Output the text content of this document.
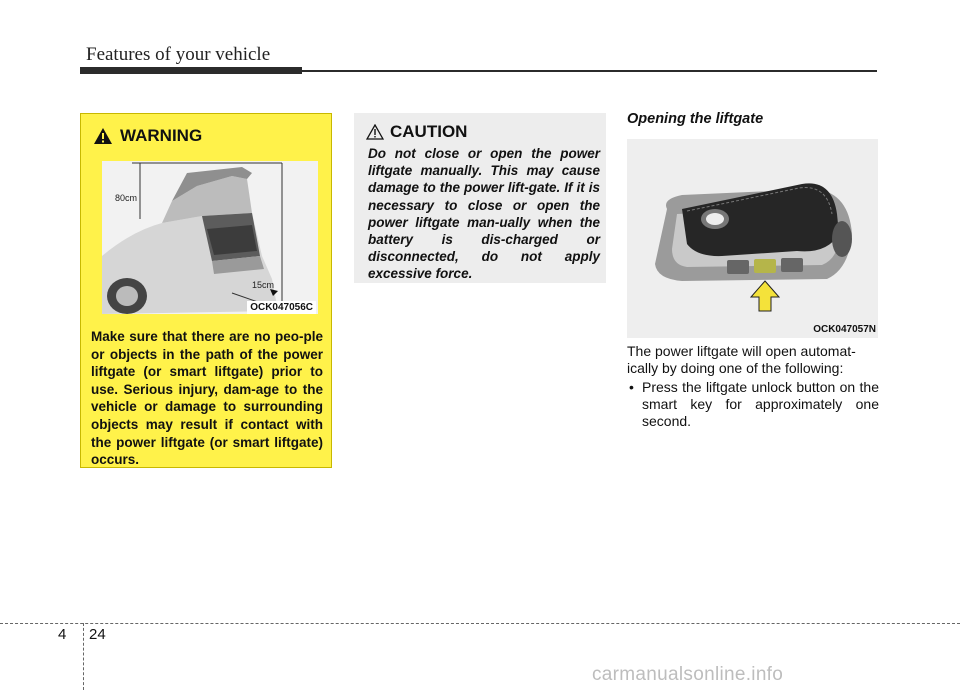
Features of your vehicle
WARNING
80cm
15cm
OCK047056C
Make sure that there are no peo-ple or objects in the path of the power liftgate (or smart liftgate) prior to use. Serious injury, dam-age to the vehicle or damage to surrounding objects may result if contact with the power liftgate (or smart liftgate) occurs.
CAUTION
Do not close or open the power liftgate manually. This may cause damage to the power lift-gate. If it is necessary to close or open the power liftgate man-ually when the battery is dis-charged or disconnected, do not apply excessive force.
Opening the liftgate
OCK047057N
The power liftgate will open automat-ically by doing one of the following:
• Press the liftgate unlock button on the smart key for approximately one second.
4 24
carmanualsonline.info
